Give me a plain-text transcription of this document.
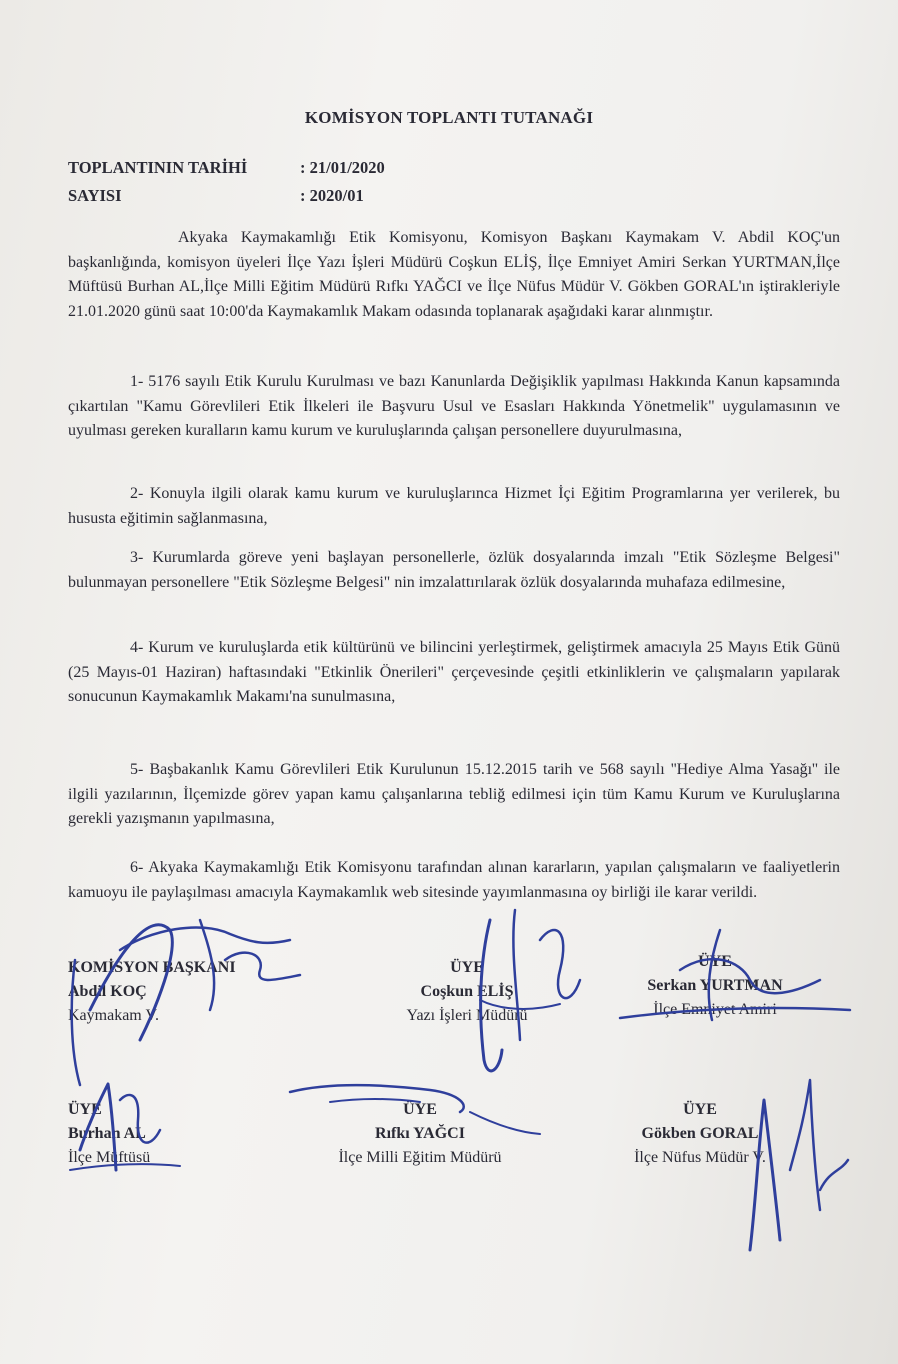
KOMİSYON TOPLANTI TUTANAĞI
TOPLANTININ TARİHİ	: 21/01/2020
SAYISI	: 2020/01
Akyaka Kaymakamlığı Etik Komisyonu, Komisyon Başkanı Kaymakam V. Abdil KOÇ'un başkanlığında, komisyon üyeleri İlçe Yazı İşleri Müdürü Coşkun ELİŞ, İlçe Emniyet Amiri Serkan YURTMAN,İlçe Müftüsü Burhan AL,İlçe Milli Eğitim Müdürü Rıfkı YAĞCI ve İlçe Nüfus Müdür V. Gökben GORAL'ın iştirakleriyle 21.01.2020 günü saat 10:00'da Kaymakamlık Makam odasında toplanarak aşağıdaki karar alınmıştır.
1- 5176 sayılı Etik Kurulu Kurulması ve bazı Kanunlarda Değişiklik yapılması Hakkında Kanun kapsamında çıkartılan "Kamu Görevlileri Etik İlkeleri ile Başvuru Usul ve Esasları Hakkında Yönetmelik" uygulamasının ve uyulması gereken kuralların kamu kurum ve kuruluşlarında çalışan personellere duyurulmasına,
2- Konuyla ilgili olarak kamu kurum ve kuruluşlarınca Hizmet İçi Eğitim Programlarına yer verilerek, bu hususta eğitimin sağlanmasına,
3- Kurumlarda göreve yeni başlayan personellerle, özlük dosyalarında imzalı "Etik Sözleşme Belgesi" bulunmayan personellere "Etik Sözleşme Belgesi" nin imzalattırılarak özlük dosyalarında muhafaza edilmesine,
4- Kurum ve kuruluşlarda etik kültürünü ve bilincini yerleştirmek, geliştirmek amacıyla 25 Mayıs Etik Günü (25 Mayıs-01 Haziran) haftasındaki "Etkinlik Önerileri" çerçevesinde çeşitli etkinliklerin ve çalışmaların yapılarak sonucunun Kaymakamlık Makamı'na sunulmasına,
5- Başbakanlık Kamu Görevlileri Etik Kurulunun 15.12.2015 tarih ve 568 sayılı ''Hediye Alma Yasağı'' ile ilgili yazılarının, İlçemizde görev yapan kamu çalışanlarına tebliğ edilmesi için tüm Kamu Kurum ve Kuruluşlarına gerekli yazışmanın yapılmasına,
6- Akyaka Kaymakamlığı Etik Komisyonu tarafından alınan kararların, yapılan çalışmaların ve faaliyetlerin kamuoyu ile paylaşılması amacıyla Kaymakamlık web sitesinde yayımlanmasına oy birliği ile karar verildi.
KOMİSYON BAŞKANI
Abdil KOÇ
Kaymakam V.
ÜYE
Coşkun ELİŞ
Yazı İşleri Müdürü
ÜYE
Serkan YURTMAN
İlçe Emniyet Amiri
ÜYE
Burhan AL
İlçe Müftüsü
ÜYE
Rıfkı YAĞCI
İlçe Milli Eğitim Müdürü
ÜYE
Gökben GORAL
İlçe Nüfus Müdür V.
